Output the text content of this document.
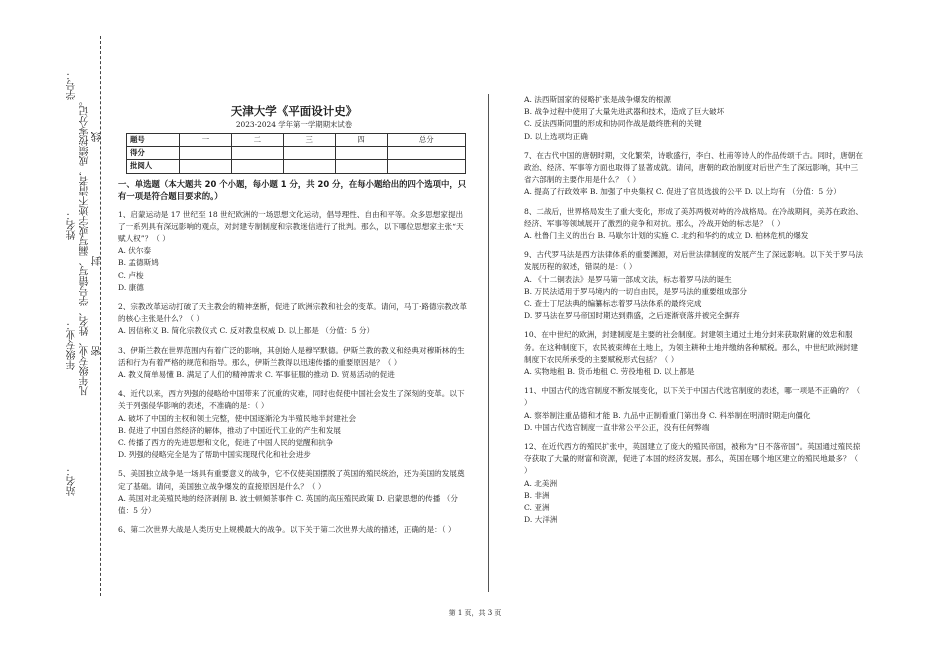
学号：
姓名： 凡年级专业、姓名、学号错写、漏写或字迹不清者，成绩按零分记。 线
封
年级专业： 密
站名：
天津大学《平面设计史》
2023-2024 学年第一学期期末试卷
题号	一	二	三	四	总分
得分					
批阅人					
一、单选题（本大题共 20 个小题，每小题 1 分，共 20 分，在每小题给出的四个选项中，只有一项是符合题目要求的。）

1、启蒙运动是 17 世纪至 18 世纪欧洲的一场思想文化运动，倡导理性、自由和平等。众多思想家提出了一系列具有深远影响的观点，对封建专制制度和宗教迷信进行了批判。那么，以下哪位思想家主张“天赋人权”？（ ）

A. 伏尔泰

B. 孟德斯鸠

C. 卢梭

D. 康德

2、宗教改革运动打破了天主教会的精神垄断，促进了欧洲宗教和社会的变革。请问，马丁·路德宗教改革的核心主张是什么？（ ）

A. 因信称义 B. 简化宗教仪式 C. 反对教皇权威 D. 以上都是 （分值：5 分）

3、伊斯兰教在世界范围内有着广泛的影响，其创始人是穆罕默德。伊斯兰教的教义和经典对穆斯林的生活和行为有着严格的规范和指导。那么，伊斯兰教得以迅速传播的重要原因是？（ ）

A. 教义简单易懂 B. 满足了人们的精神需求 C. 军事征服的推动 D. 贸易活动的促进

4、近代以来，西方列强的侵略给中国带来了沉重的灾难，同时也促使中国社会发生了深刻的变革。以下关于列强侵华影响的表述，不准确的是：（ ）

A. 破坏了中国的主权和领土完整，使中国逐渐沦为半殖民地半封建社会

B. 促进了中国自然经济的解体，推动了中国近代工业的产生和发展

C. 传播了西方的先进思想和文化，促进了中国人民的觉醒和抗争

D. 列强的侵略完全是为了帮助中国实现现代化和社会进步

5、美国独立战争是一场具有重要意义的战争，它不仅使美国摆脱了英国的殖民统治，还为美国的发展奠定了基础。请问，美国独立战争爆发的直接原因是什么？（ ）

A. 英国对北美殖民地的经济剥削 B. 波士顿倾茶事件 C. 英国的高压殖民政策 D. 启蒙思想的传播 （分值：5 分）

6、第二次世界大战是人类历史上规模最大的战争。以下关于第二次世界大战的描述，正确的是：（ ）

A. 法西斯国家的侵略扩张是战争爆发的根源

B. 战争过程中使用了大量先进武器和技术，造成了巨大破坏

C. 反法西斯同盟的形成和协同作战是最终胜利的关键

D. 以上选项均正确

7、在古代中国的唐朝时期，文化繁荣，诗歌盛行，李白、杜甫等诗人的作品传颂千古。同时，唐朝在政治、经济、军事等方面也取得了显著成就。请问，唐朝的政治制度对后世产生了深远影响，其中三省六部制的主要作用是什么？（ ）

A. 提高了行政效率 B. 加强了中央集权 C. 促进了官员选拔的公平 D. 以上均有 （分值：5 分）

8、二战后，世界格局发生了重大变化，形成了美苏两极对峙的冷战格局。在冷战期间，美苏在政治、经济、军事等领域展开了激烈的竞争和对抗。那么，冷战开始的标志是？（ ）

A. 杜鲁门主义的出台 B. 马歇尔计划的实施 C. 北约和华约的成立 D. 柏林危机的爆发

9、古代罗马法是西方法律体系的重要渊源，对后世法律制度的发展产生了深远影响。以下关于罗马法发展历程的叙述，错误的是：（ ）

A. 《十二铜表法》是罗马第一部成文法，标志着罗马法的诞生

B. 万民法适用于罗马境内的一切自由民，是罗马法的重要组成部分

C. 查士丁尼法典的编纂标志着罗马法体系的最终完成

D. 罗马法在罗马帝国时期达到鼎盛，之后逐渐衰落并被完全摒弃

10、在中世纪的欧洲，封建制度是主要的社会制度。封建领主通过土地分封来获取附庸的效忠和服务。在这种制度下，农民被束缚在土地上，为领主耕种土地并缴纳各种赋税。那么，中世纪欧洲封建制度下农民所承受的主要赋税形式包括？（ ）

A. 实物地租 B. 货币地租 C. 劳役地租 D. 以上都是

11、中国古代的选官制度不断发展变化，以下关于中国古代选官制度的表述，哪一项是不正确的？（ ）

A. 察举制注重品德和才能 B. 九品中正制看重门第出身 C. 科举制在明清时期走向僵化

D. 中国古代选官制度一直非常公平公正，没有任何弊端

12、在近代西方的殖民扩张中，英国建立了庞大的殖民帝国，被称为“日不落帝国”。英国通过殖民掠夺获取了大量的财富和资源，促进了本国的经济发展。那么，英国在哪个地区建立的殖民地最多？（ ）

A. 北美洲

B. 非洲

C. 亚洲

D. 大洋洲

第 1 页，共 3 页
